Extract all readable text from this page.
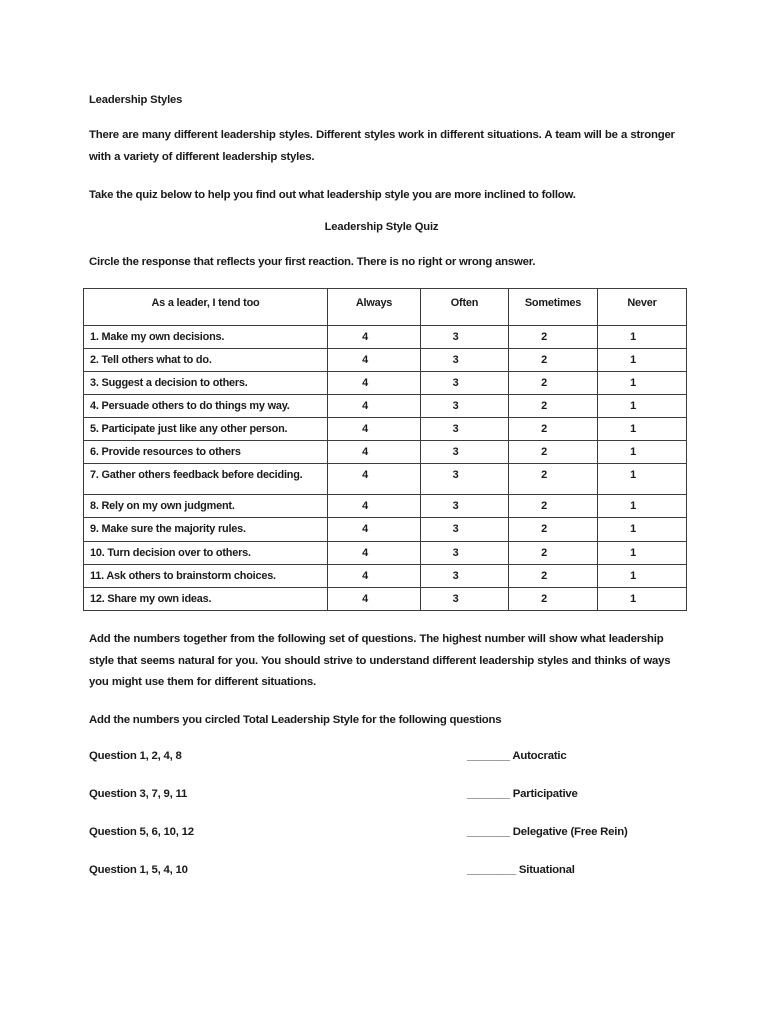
Leadership Styles

There are many different leadership styles. Different styles work in different situations. A team will be a stronger with a variety of different leadership styles.

Take the quiz below to help you find out what leadership style you are more inclined to follow.

Leadership Style Quiz

Circle the response that reflects your first reaction. There is no right or wrong answer.

As a leader, I tend too	Always	Often	Sometimes	Never
1. Make my own decisions.	4	3	2	1
2. Tell others what to do.	4	3	2	1
3. Suggest a decision to others.	4	3	2	1
4. Persuade others to do things my way.	4	3	2	1
5. Participate just like any other person.	4	3	2	1
6. Provide resources to others	4	3	2	1
7. Gather others feedback before deciding.	4	3	2	1
8. Rely on my own judgment.	4	3	2	1
9. Make sure the majority rules.	4	3	2	1
10. Turn decision over to others.	4	3	2	1
11. Ask others to brainstorm choices.	4	3	2	1
12. Share my own ideas.	4	3	2	1

Add the numbers together from the following set of questions. The highest number will show what leadership style that seems natural for you. You should strive to understand different leadership styles and thinks of ways you might use them for different situations.

Add the numbers you circled Total Leadership Style for the following questions

Question 1, 2, 4, 8	_______ Autocratic
Question 3, 7, 9, 11	_______ Participative
Question 5, 6, 10, 12	_______ Delegative (Free Rein)
Question 1, 5, 4, 10	________ Situational
